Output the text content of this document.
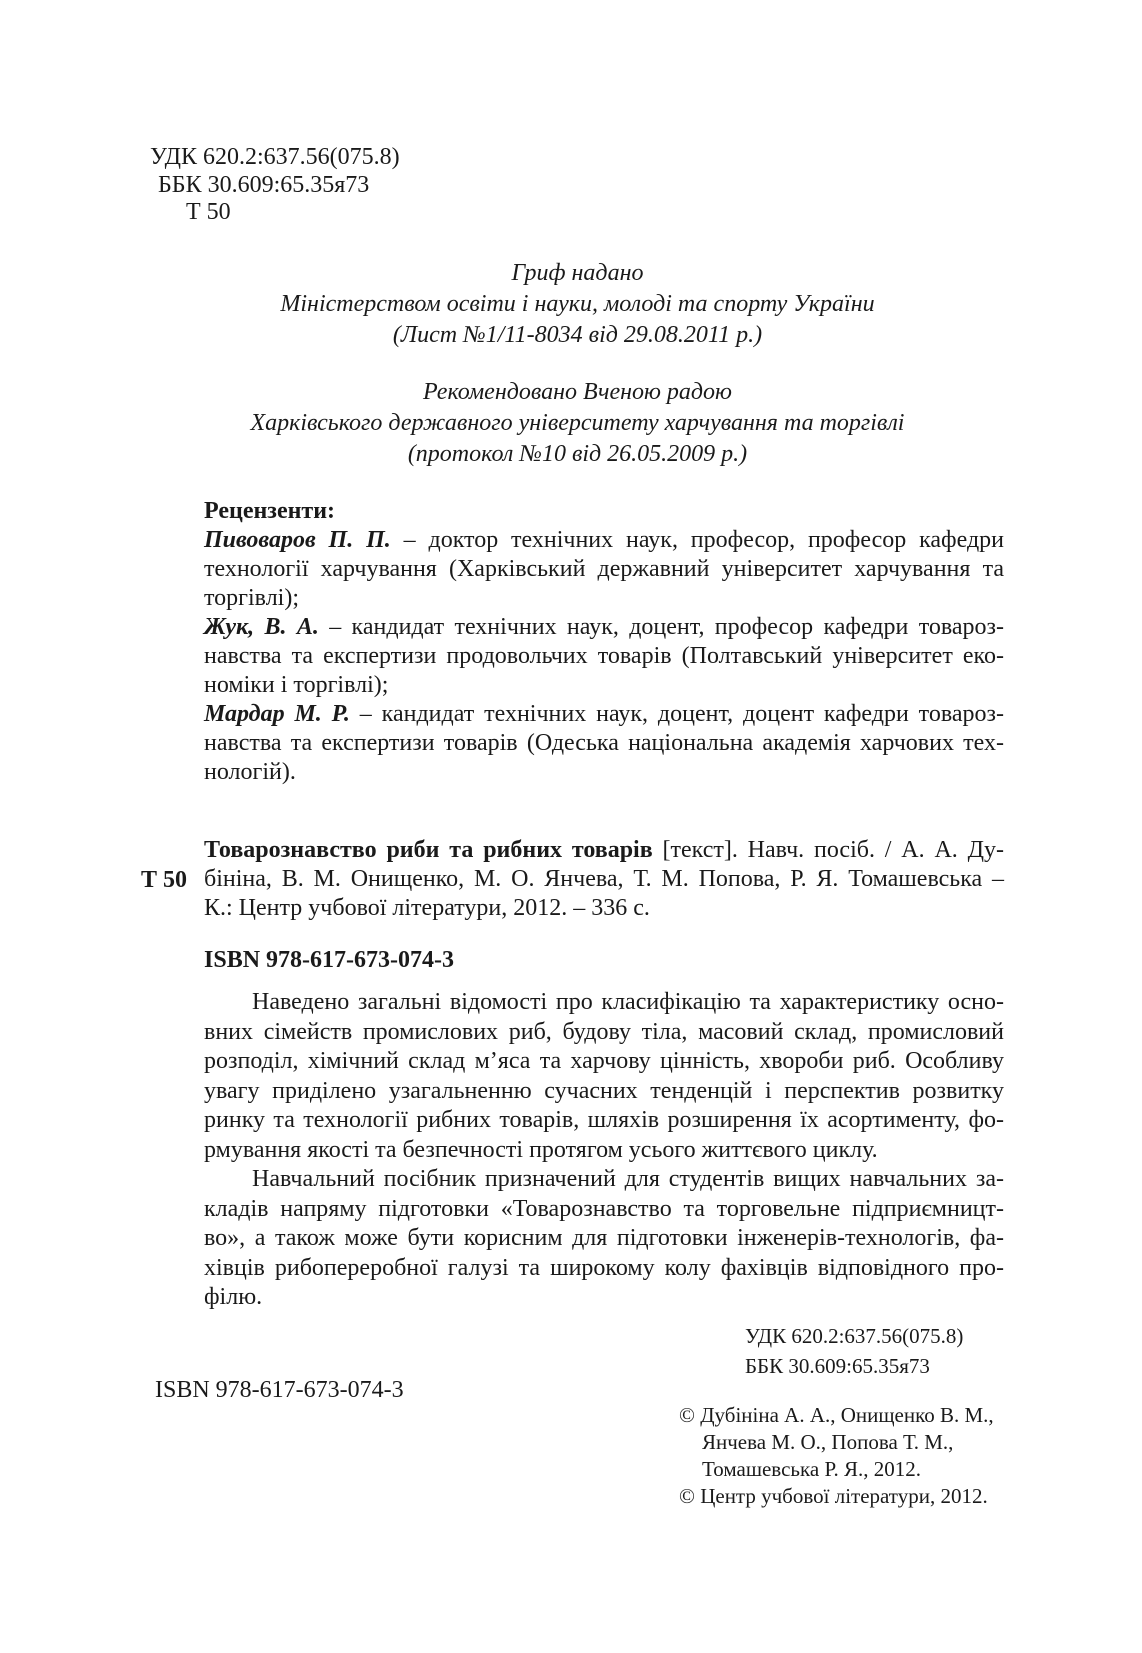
УДК 620.2:637.56(075.8)
ББК 30.609:65.35я73
Т 50
Гриф надано
Міністерством освіти і науки, молоді та спорту України
(Лист №1/11-8034 від 29.08.2011 р.)
Рекомендовано Вченою радою
Харківського державного університету харчування та торгівлі
(протокол №10 від 26.05.2009 р.)
Рецензенти:
Пивоваров П. П. – доктор технічних наук, професор, професор кафедри
технології харчування (Харківський державний університет харчування та
торгівлі);
Жук, В. А. – кандидат технічних наук, доцент, професор кафедри товароз-
навства та експертизи продовольчих товарів (Полтавський університет еко-
номіки і торгівлі);
Мардар М. Р. – кандидат технічних наук, доцент, доцент кафедри товароз-
навства та експертизи товарів (Одеська національна академія харчових тех-
нологій).
Т 50
Товарознавство риби та рибних товарів [текст]. Навч. посіб. / А. А. Ду-
бініна, В. М. Онищенко, М. О. Янчева, Т. М. Попова, Р. Я. Томашевська –
К.: Центр учбової літератури, 2012. – 336 с.
ISBN 978-617-673-074-3
Наведено загальні відомості про класифікацію та характеристику осно-
вних сімейств промислових риб, будову тіла, масовий склад, промисловий
розподіл, хімічний склад м’яса та харчову цінність, хвороби риб. Особливу
увагу приділено узагальненню сучасних тенденцій і перспектив розвитку
ринку та технології рибних товарів, шляхів розширення їх асортименту, фо-
рмування якості та безпечності протягом усього життєвого циклу.
Навчальний посібник призначений для студентів вищих навчальних за-
кладів напряму підготовки «Товарознавство та торговельне підприємницт-
во», а також може бути корисним для підготовки інженерів-технологів, фа-
хівців рибопереробної галузі та широкому колу фахівців відповідного про-
філю.
УДК 620.2:637.56(075.8)
ББК 30.609:65.35я73
ISBN 978-617-673-074-3
© Дубініна А. А., Онищенко В. М.,
Янчева М. О., Попова Т. М.,
Томашевська Р. Я., 2012.
© Центр учбової літератури, 2012.
